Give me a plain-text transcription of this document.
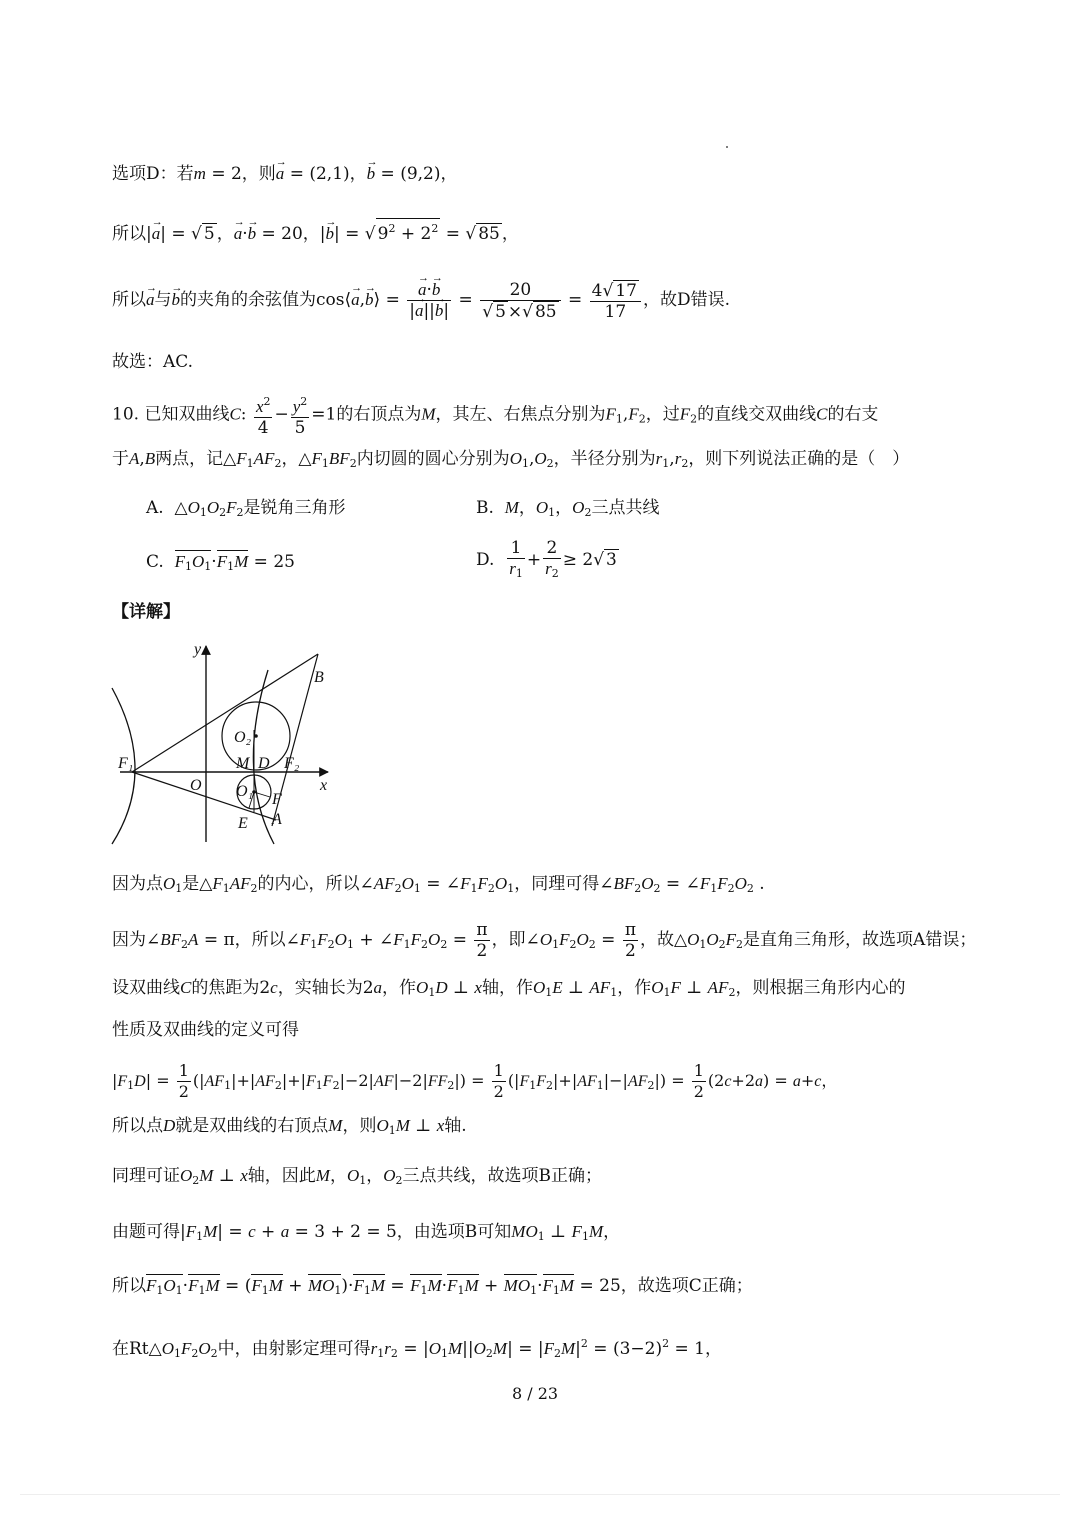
选项D：若m = 2，则→ a = (2,1)，→ b = (9,2)，
所以|→ a| = √ 5 ，→ a·→ b = 20，|→ b| = √ $9^2 + 2^2$ = √ 85 ，
所以→ a与→ b的夹角的余弦值为cos⟨→ a,→ b⟩ =
→ $\frac{a\cdot\to b}{|\to a||\to b|} = \frac{20}{√ 5 \times√ 85} = \frac{4√ 17}{17}$ ，故D错误.
故选：AC.
10. 已知双曲线C: $\frac{x^2}{4} - \frac{y^2}{5} =1$的右顶点为M，其左、右焦点分别为$F_1,F_2$，过$F_2$的直线交双曲线C的右支
于A,B两点，记$\triangle F_1AF_2$，$\triangle F_1BF_2$内切圆的圆心分别为$O_1,O_2$，半径分别为$r_1,r_2$，则下列说法正确的是（　）
A.  $\triangle O_1O_2F_2$是锐角三角形	B. M，$O_1$，$O_2$三点共线
C. $F_1O_1\cdot F_1M = 25$	D. $\frac{1}{r_1} + \frac{2}{r_2} \ge 2√$ 3
【详解】
y
x
B
O₂
F₁	M D F₂
O O₁ F
E A
因为点$O_1$是$\triangle F_1AF_2$的内心，所以$\angle AF_2O_1$ = $\angle F_1F_2O_1$，同理可得$\angle BF_2O_2$ = $\angle F_1F_2O_2$ .
因为$\angle BF_2A = \pi$，所以$\angle F_1F_2O_1$ + $\angle F_1F_2O_2 = \frac{\pi}{2}$ ，即$\angle O_1F_2O_2 = \frac{\pi}{2}$ ，故$\triangle O_1O_2F_2$是直角三角形，故选项A错误；
设双曲线C的焦距为2c，实轴长为2a，作$O_1D$ ⊥ x轴，作$O_1E$ ⊥ $AF_1$，作$O_1F$ ⊥ $AF_2$，则根据三角形内心的
性质及双曲线的定义可得
$|F_1D| = \frac{1}{2} (|AF_1|+|AF_2|+|F_1F_2|-2|AF|-2|FF_2|) = \frac{1}{2} (|F_1F_2|+|AF_1|-|AF_2|) = \frac{1}{2} (2c+2a) = a+c$，
所以点D就是双曲线的右顶点M，则$O_1M$ ⊥ x轴.
同理可证$O_2M$ ⊥ x轴，因此M，$O_1$，$O_2$三点共线，故选项B正确；
由题可得$|F_1M| = c + a = 3 + 2 = 5$，由选项B可知$MO_1$ ⊥ $F_1M$，
所以$F_1O_1\cdot F_1M = (F_1M + MO_1)\cdot F_1M = F_1M\cdot F_1M + MO_1\cdot F_1M = 25$，故选项C正确；
在$Rt\triangle O_1F_2O_2$中，由射影定理可得$r_1r_2 = |O_1M||O_2M| = |F_2M|^2 = (3-2)^2 = 1$，
8 / 23
